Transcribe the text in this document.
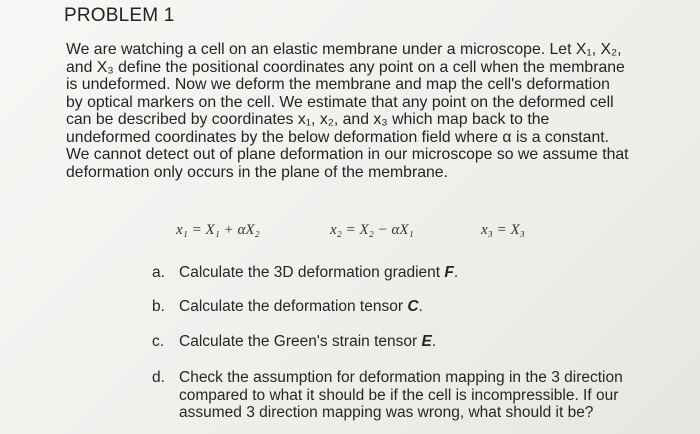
PROBLEM 1
We are watching a cell on an elastic membrane under a microscope. Let X₁, X₂,
and X₃ define the positional coordinates any point on a cell when the membrane
is undeformed. Now we deform the membrane and map the cell's deformation
by optical markers on the cell. We estimate that any point on the deformed cell
can be described by coordinates x₁, x₂, and x₃ which map back to the
undeformed coordinates by the below deformation field where α is a constant.
We cannot detect out of plane deformation in our microscope so we assume that
deformation only occurs in the plane of the membrane.
x₁ = X₁ + αX₂	x₂ = X₂ − αX₁	x₃ = X₃
a. Calculate the 3D deformation gradient F.
b. Calculate the deformation tensor C.
c. Calculate the Green's strain tensor E.
d. Check the assumption for deformation mapping in the 3 direction
compared to what it should be if the cell is incompressible. If our
assumed 3 direction mapping was wrong, what should it be?
